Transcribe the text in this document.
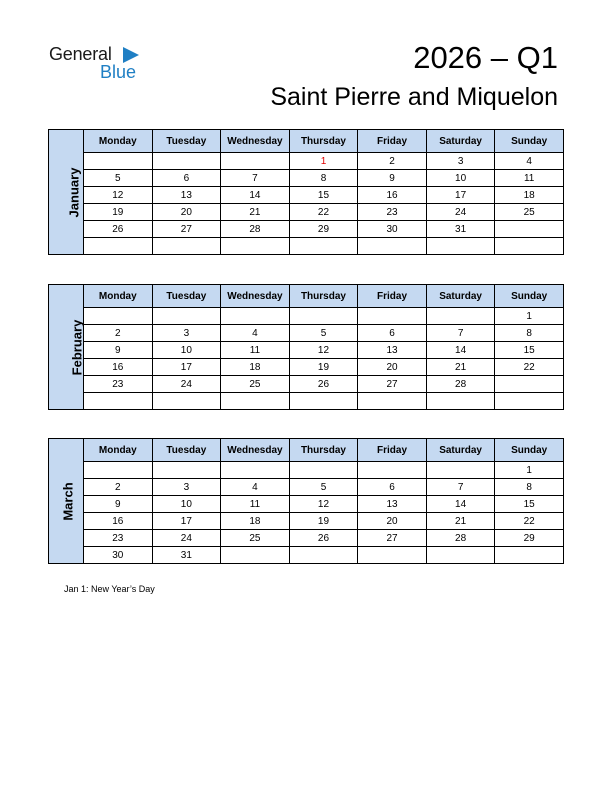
General
Blue	2026 – Q1
Saint Pierre and Miquelon
January	Monday	Tuesday	Wednesday	Thursday	Friday	Saturday	Sunday
				1	2	3	4
	5	6	7	8	9	10	11
	12	13	14	15	16	17	18
	19	20	21	22	23	24	25
	26	27	28	29	30	31	

February	Monday	Tuesday	Wednesday	Thursday	Friday	Saturday	Sunday
							1
	2	3	4	5	6	7	8
	9	10	11	12	13	14	15
	16	17	18	19	20	21	22
	23	24	25	26	27	28	

March	Monday	Tuesday	Wednesday	Thursday	Friday	Saturday	Sunday
							1
	2	3	4	5	6	7	8
	9	10	11	12	13	14	15
	16	17	18	19	20	21	22
	23	24	25	26	27	28	29
	30	31					
Jan 1: New Year’s Day
